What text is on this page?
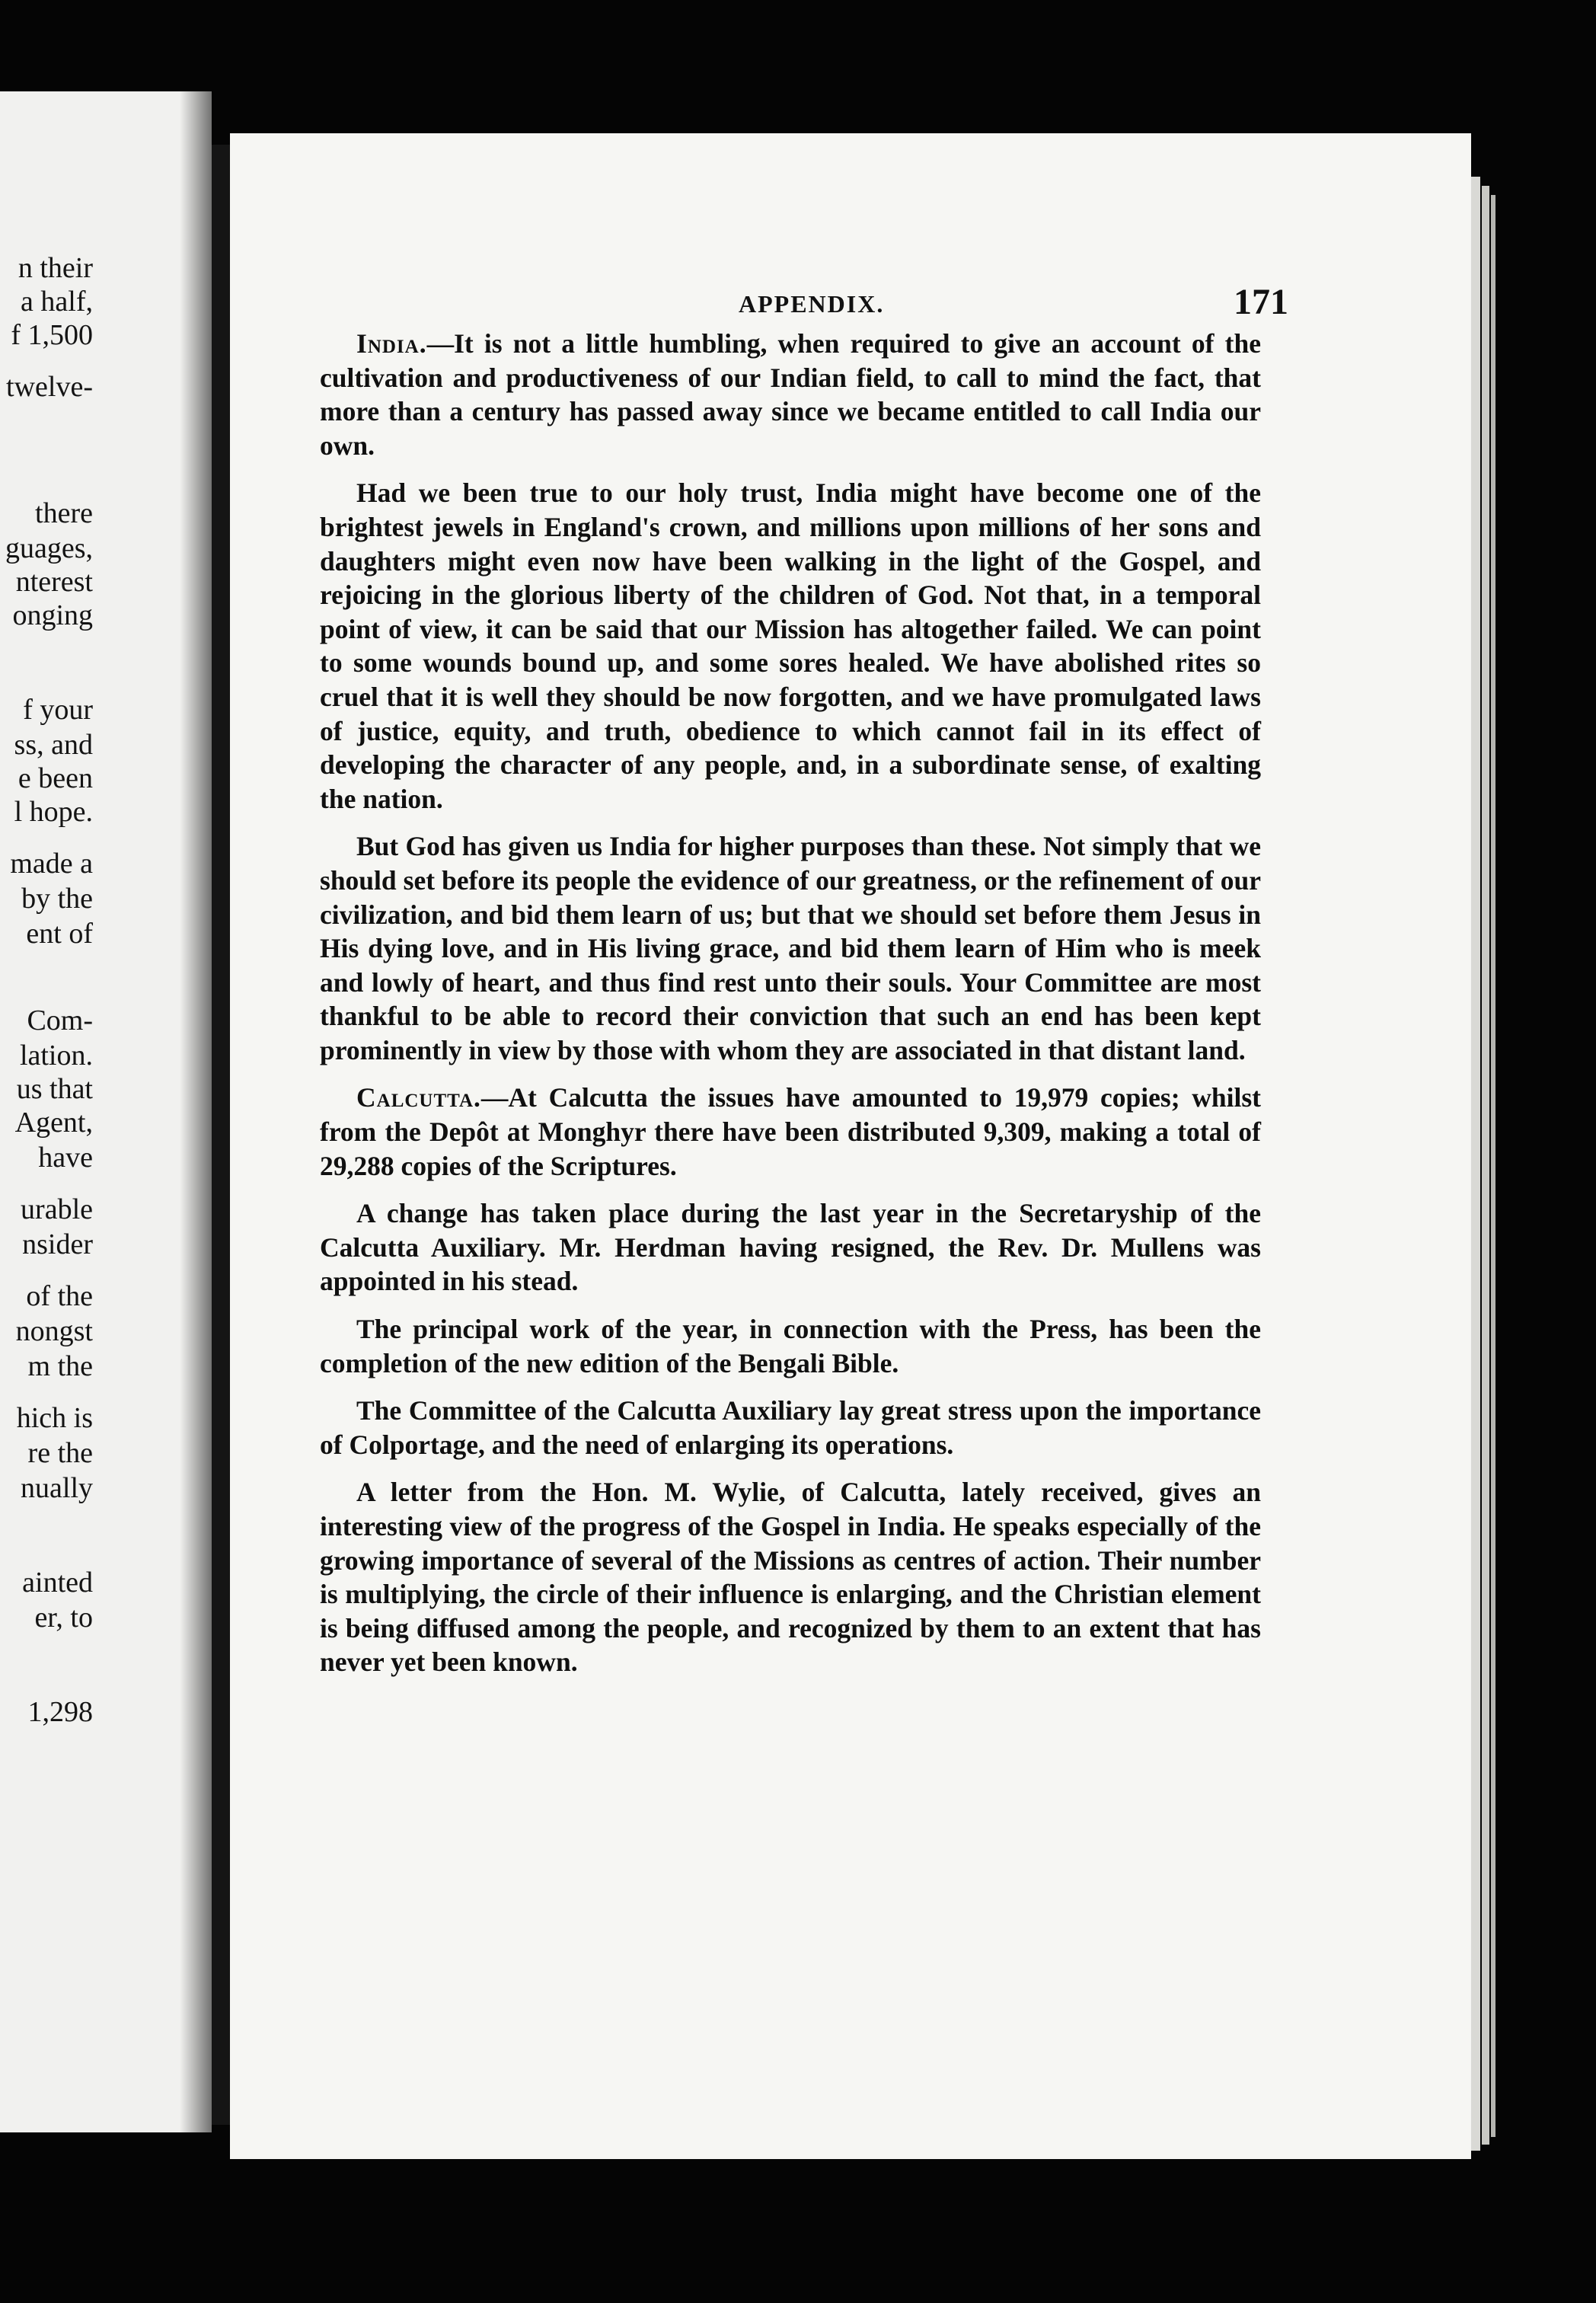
n their
a half,
f 1,500
twelve-
there
guages,
nterest
onging
f your
ss, and
e been
l hope.
made a
by the
ent of
Com-
lation.
us that
Agent,
have
urable
nsider
of the
nongst
m the
hich is
re the
nually
ainted
er, to
1,298
APPENDIX.	171

India.—It is not a little humbling, when required to give an account of the cultivation and productiveness of our Indian field, to call to mind the fact, that more than a century has passed away since we became entitled to call India our own.

Had we been true to our holy trust, India might have become one of the brightest jewels in England's crown, and millions upon millions of her sons and daughters might even now have been walking in the light of the Gospel, and rejoicing in the glorious liberty of the children of God. Not that, in a temporal point of view, it can be said that our Mission has altogether failed. We can point to some wounds bound up, and some sores healed. We have abolished rites so cruel that it is well they should be now forgotten, and we have promulgated laws of justice, equity, and truth, obedience to which cannot fail in its effect of developing the character of any people, and, in a subordinate sense, of exalting the nation.

But God has given us India for higher purposes than these. Not simply that we should set before its people the evidence of our greatness, or the refinement of our civilization, and bid them learn of us; but that we should set before them Jesus in His dying love, and in His living grace, and bid them learn of Him who is meek and lowly of heart, and thus find rest unto their souls. Your Committee are most thankful to be able to record their conviction that such an end has been kept prominently in view by those with whom they are associated in that distant land.

Calcutta.—At Calcutta the issues have amounted to 19,979 copies; whilst from the Depôt at Monghyr there have been distributed 9,309, making a total of 29,288 copies of the Scriptures.

A change has taken place during the last year in the Secretaryship of the Calcutta Auxiliary. Mr. Herdman having resigned, the Rev. Dr. Mullens was appointed in his stead.

The principal work of the year, in connection with the Press, has been the completion of the new edition of the Bengali Bible.

The Committee of the Calcutta Auxiliary lay great stress upon the importance of Colportage, and the need of enlarging its operations.

A letter from the Hon. M. Wylie, of Calcutta, lately received, gives an interesting view of the progress of the Gospel in India. He speaks especially of the growing importance of several of the Missions as centres of action. Their number is multiplying, the circle of their influence is enlarging, and the Christian element is being diffused among the people, and recognized by them to an extent that has never yet been known.
